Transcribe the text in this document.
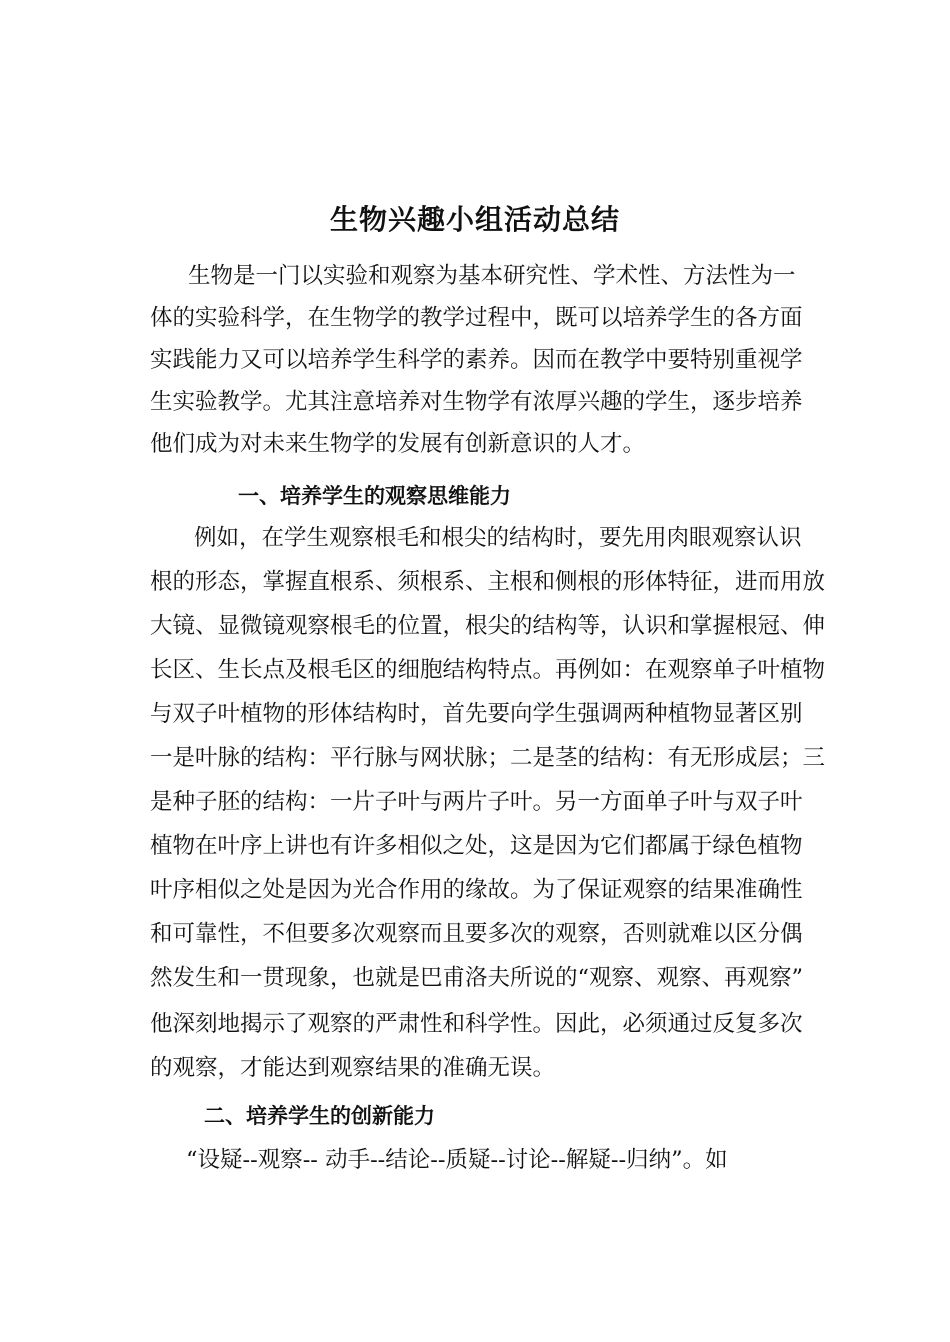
生物兴趣小组活动总结

生物是一门以实验和观察为基本研究性、学术性、方法性为一

体的实验科学，在生物学的教学过程中，既可以培养学生的各方面

实践能力又可以培养学生科学的素养。因而在教学中要特别重视学

生实验教学。尤其注意培养对生物学有浓厚兴趣的学生，逐步培养

他们成为对未来生物学的发展有创新意识的人才。

一、培养学生的观察思维能力

例如，在学生观察根毛和根尖的结构时，要先用肉眼观察认识

根的形态，掌握直根系、须根系、主根和侧根的形体特征，进而用放

大镜、显微镜观察根毛的位置，根尖的结构等，认识和掌握根冠、伸

长区、生长点及根毛区的细胞结构特点。再例如：在观察单子叶植物

与双子叶植物的形体结构时，首先要向学生强调两种植物显著区别

一是叶脉的结构：平行脉与网状脉；二是茎的结构：有无形成层；三

是种子胚的结构：一片子叶与两片子叶。另一方面单子叶与双子叶

植物在叶序上讲也有许多相似之处，这是因为它们都属于绿色植物

叶序相似之处是因为光合作用的缘故。为了保证观察的结果准确性

和可靠性，不但要多次观察而且要多次的观察，否则就难以区分偶

然发生和一贯现象，也就是巴甫洛夫所说的“观察、观察、再观察”

他深刻地揭示了观察的严肃性和科学性。因此，必须通过反复多次

的观察，才能达到观察结果的准确无误。

二、培养学生的创新能力

“设疑--观察-- 动手--结论--质疑--讨论--解疑--归纳”。如
